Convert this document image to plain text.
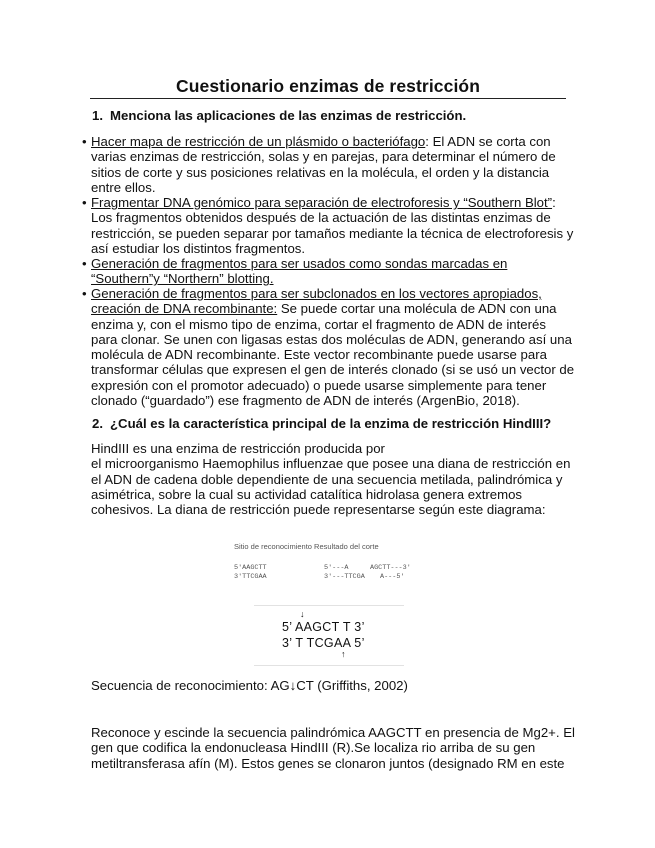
Cuestionario enzimas de restricción
1. Menciona las aplicaciones de las enzimas de restricción.
• Hacer mapa de restricción de un plásmido o bacteriófago: El ADN se corta con
varias enzimas de restricción, solas y en parejas, para determinar el número de
sitios de corte y sus posiciones relativas en la molécula, el orden y la distancia
entre ellos.
• Fragmentar DNA genómico para separación de electroforesis y “Southern Blot”:
Los fragmentos obtenidos después de la actuación de las distintas enzimas de
restricción, se pueden separar por tamaños mediante la técnica de electroforesis y
así estudiar los distintos fragmentos.
• Generación de fragmentos para ser usados como sondas marcadas en
“Southern”y “Northern” blotting.
• Generación de fragmentos para ser subclonados en los vectores apropiados,
creación de DNA recombinante: Se puede cortar una molécula de ADN con una
enzima y, con el mismo tipo de enzima, cortar el fragmento de ADN de interés
para clonar. Se unen con ligasas estas dos moléculas de ADN, generando así una
molécula de ADN recombinante. Este vector recombinante puede usarse para
transformar células que expresen el gen de interés clonado (si se usó un vector de
expresión con el promotor adecuado) o puede usarse simplemente para tener
clonado (“guardado”) ese fragmento de ADN de interés (ArgenBio, 2018).
2. ¿Cuál es la característica principal de la enzima de restricción HindIII?
HindIII es una enzima de restricción producida por
el microorganismo Haemophilus influenzae que posee una diana de restricción en
el ADN de cadena doble dependiente de una secuencia metilada, palindrómica y
asimétrica, sobre la cual su actividad catalítica hidrolasa genera extremos
cohesivos. La diana de restricción puede representarse según este diagrama:
Sitio de reconocimiento Resultado del corte
5'AAGCTT	5'---A	AGCTT---3'
3'TTCGAA	3'---TTCGA A---5'
↓
5’ AAGCT T 3’
3’ T TCGAA 5’
↑
Secuencia de reconocimiento: AG↓CT (Griffiths, 2002)
Reconoce y escinde la secuencia palindrómica AAGCTT en presencia de Mg2+. El
gen que codifica la endonucleasa HindIII (R).Se localiza rio arriba de su gen
metiltransferasa afín (M). Estos genes se clonaron juntos (designado RM en este
